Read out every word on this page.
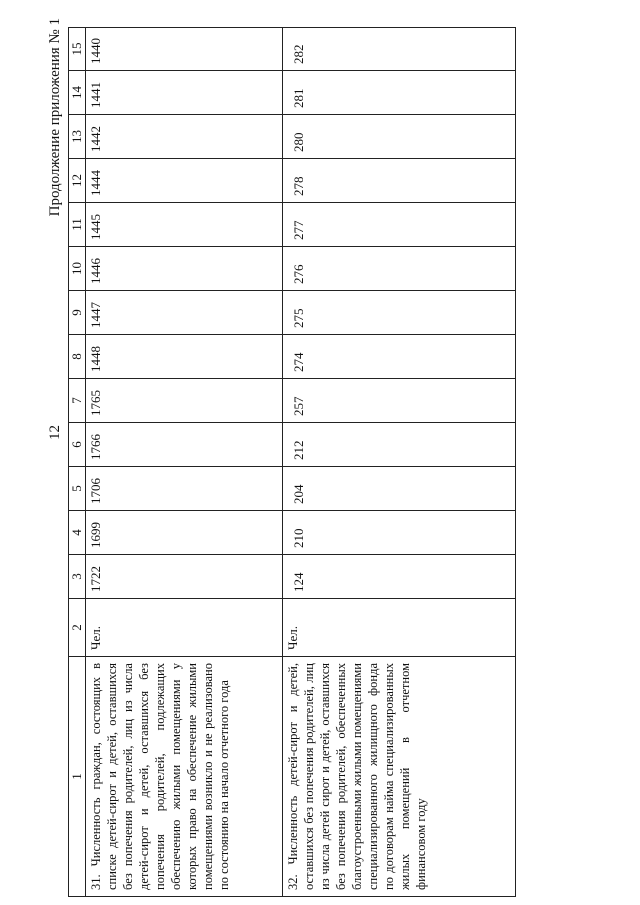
12
Продолжение приложения № 1
1	2	3	4	5	6	7	8	9	10	11	12	13	14	15
31. Численность граждан, состоящих в списке детей-сирот и детей, оставшихся без попечения родителей, лиц из числа детей-сирот и детей, оставшихся без попечения родителей, подлежащих обеспечению жилыми помещениями у которых право на обеспечение жилыми помещениями возникло и не реализовано по состоянию на начало отчетного года	Чел.	1722	1699	1706	1766	1765	1448	1447	1446	1445	1444	1442	1441	1440
32. Численность детей-сирот и детей, оставшихся без попечения родителей, лиц из числа детей сирот и детей, оставшихся без попечения родителей, обеспеченных благоустроенными жилыми помещениями специализированного жилищного фонда по договорам найма специализированных жилых помещений в отчетном финансовом году	Чел.	124	210	204	212	257	274	275	276	277	278	280	281	282
